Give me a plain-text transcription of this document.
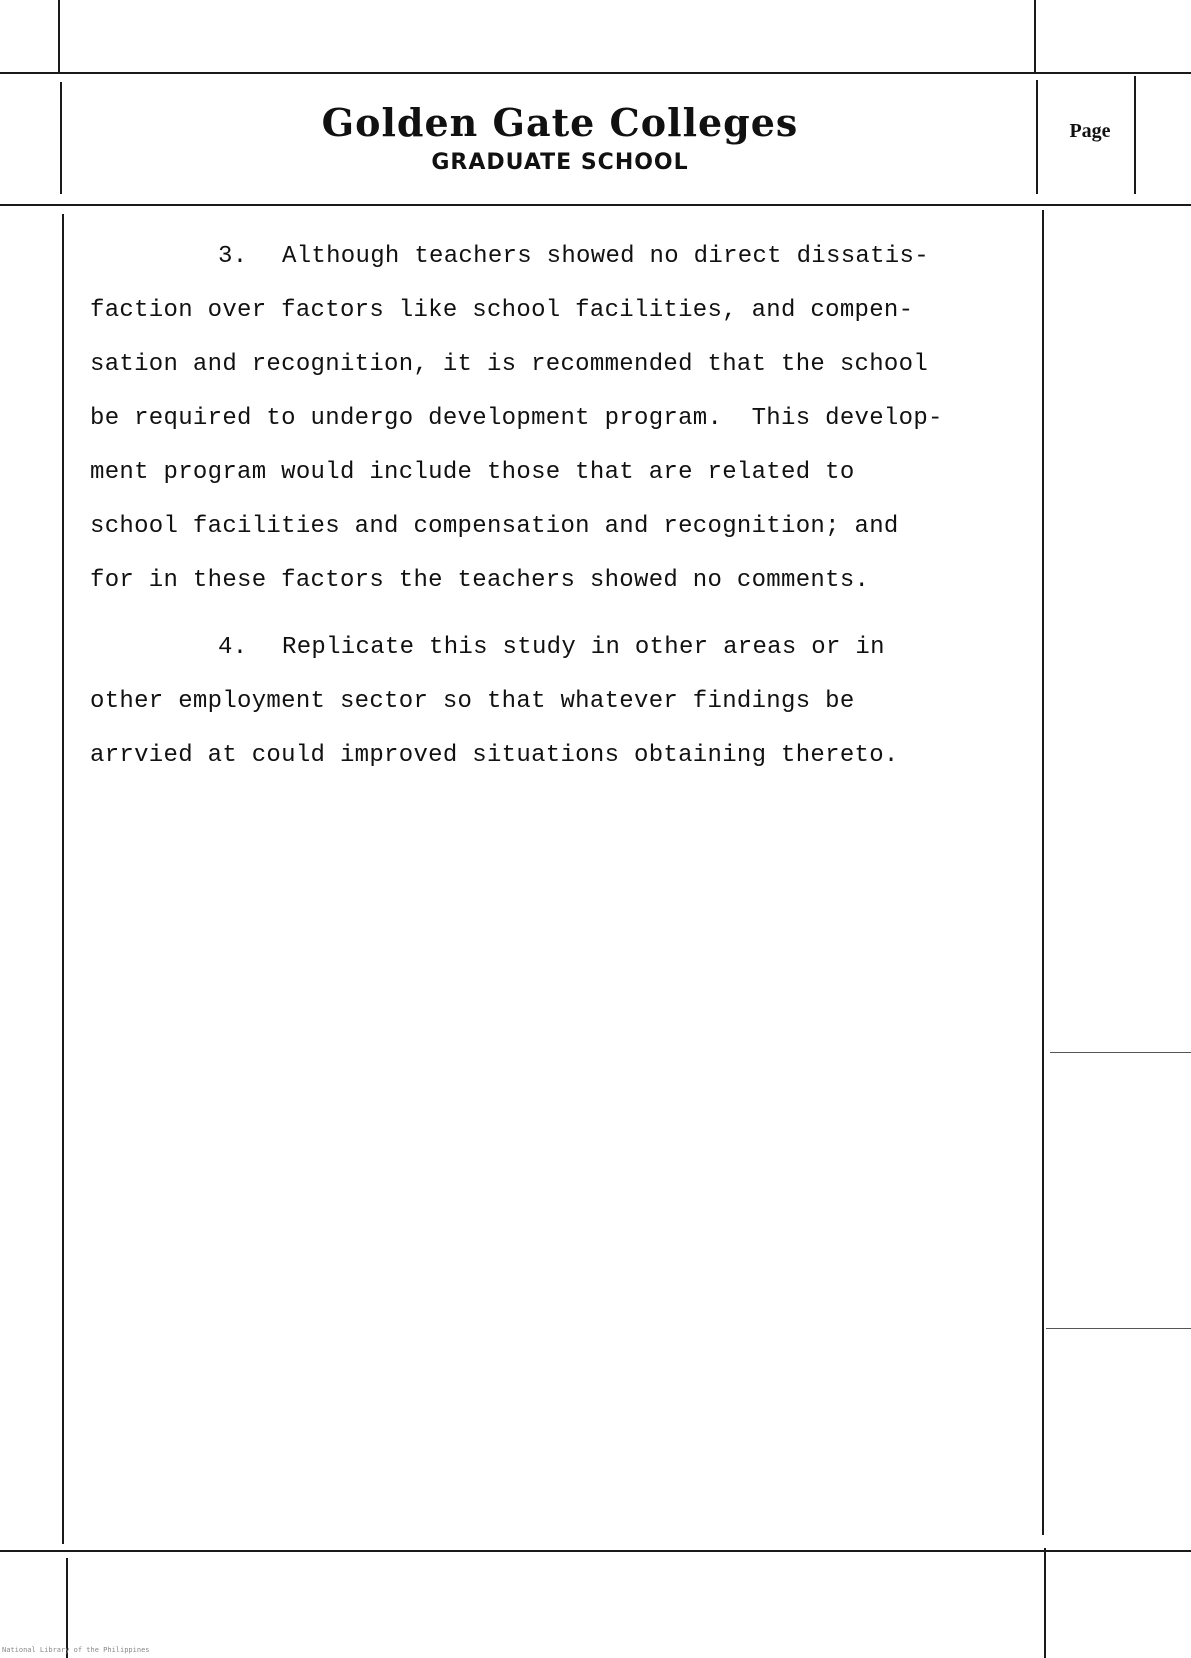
Golden Gate Colleges
GRADUATE SCHOOL
Page
3. Although teachers showed no direct dissatis-
faction over factors like school facilities, and compen-
sation and recognition, it is recommended that the school
be required to undergo development program.  This develop-
ment program would include those that are related to
school facilities and compensation and recognition; and
for in these factors the teachers showed no comments.
4. Replicate this study in other areas or in
other employment sector so that whatever findings be
arrvied at could improved situations obtaining thereto.
National Library of the Philippines
